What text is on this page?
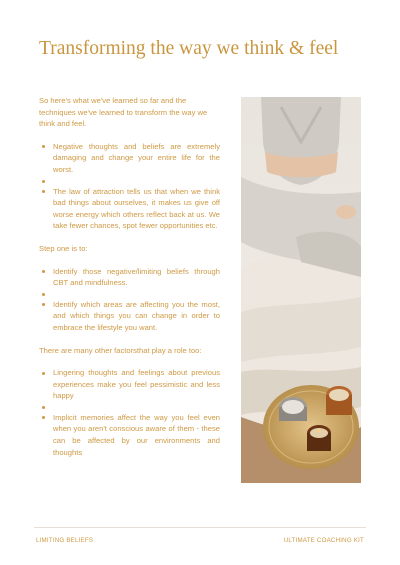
Transforming the way we think & feel

So here's what we've learned so far and the techniques we've learned to transform the way we think and feel.

Negative thoughts and beliefs are extremely damaging and change your entire life for the worst.
The law of attraction tells us that when we think bad things about ourselves, it makes us give off worse energy which others reflect back at us. We take fewer chances, spot fewer opportunities etc.

Step one is to:

Identify those negative/limiting beliefs through CBT and mindfulness.
Identify which areas are affecting you the most, and which things you can change in order to embrace the lifestyle you want.

There are many other factorsthat play a role too:

Lingering thoughts and feelings about previous experiences make you feel pessimistic and less happy
Implicit memories affect the way you feel even when you aren't conscious aware of them - these can be affected by our environments and thoughts
LIMITING BELIEFS	ULTIMATE COACHING KIT
